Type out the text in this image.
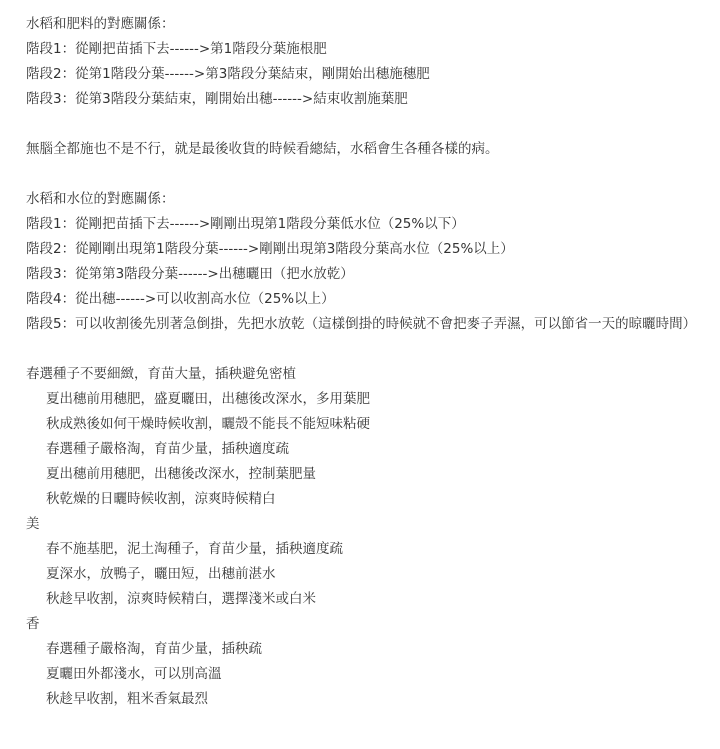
水稻和肥料的對應關係：
階段1：從剛把苗插下去------>第1階段分葉施根肥
階段2：從第1階段分葉------>第3階段分葉結束，剛開始出穗施穗肥
階段3：從第3階段分葉結束，剛開始出穗------>結束收割施葉肥
無腦全都施也不是不行，就是最後收貨的時候看總結，水稻會生各種各樣的病。
水稻和水位的對應關係：
階段1：從剛把苗插下去------>剛剛出現第1階段分葉低水位（25%以下）
階段2：從剛剛出現第1階段分葉------>剛剛出現第3階段分葉高水位（25%以上）
階段3：從第第3階段分葉------>出穗曬田（把水放乾）
階段4：從出穗------>可以收割高水位（25%以上）
階段5：可以收割後先別著急倒掛，先把水放乾（這樣倒掛的時候就不會把麥子弄濕，可以節省一天的晾曬時間）
春選種子不要細緻，育苗大量，插秧避免密植
夏出穗前用穗肥，盛夏曬田，出穗後改深水，多用葉肥
秋成熟後如何干燥時候收割，曬殼不能長不能短味粘硬
春選種子嚴格淘，育苗少量，插秧適度疏
夏出穗前用穗肥，出穗後改深水，控制葉肥量
秋乾燥的日曬時候收割，涼爽時候精白
美
春不施基肥，泥土淘種子，育苗少量，插秧適度疏
夏深水，放鴨子，曬田短，出穗前湛水
秋趁早收割，涼爽時候精白，選擇淺米或白米
香
春選種子嚴格淘，育苗少量，插秧疏
夏曬田外都淺水，可以別高溫
秋趁早收割，粗米香氣最烈
